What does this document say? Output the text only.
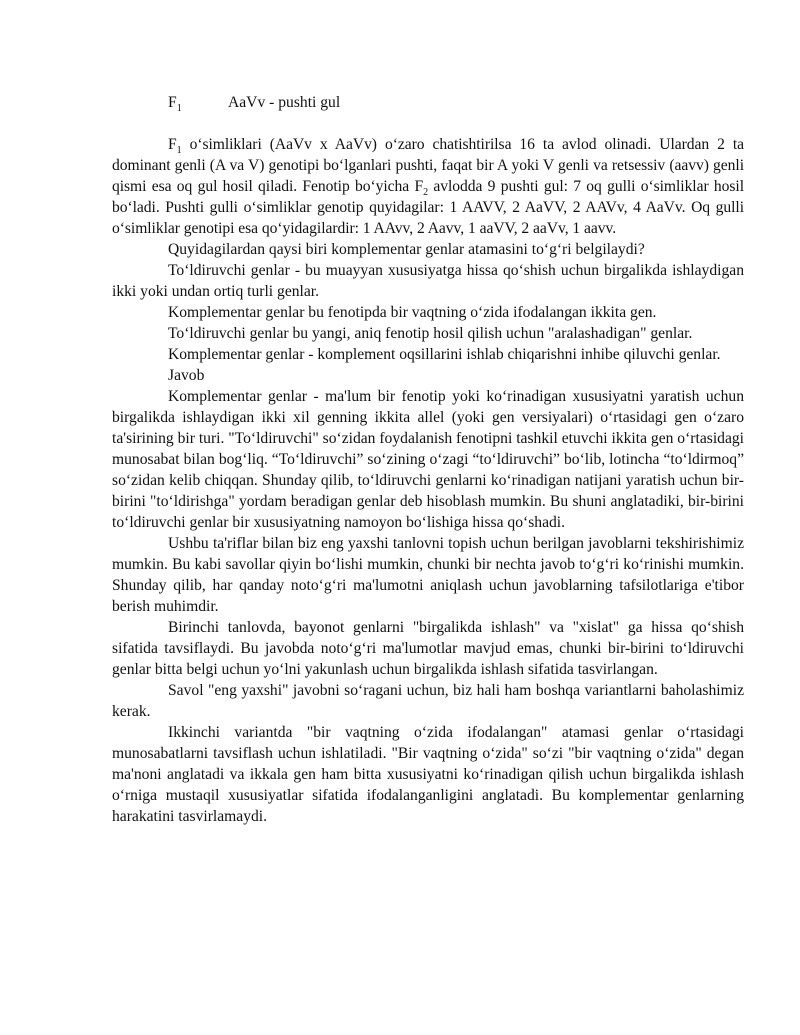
$F_1$	AaVv - pushti gul

$F_1$ o‘simliklari (AaVv x AaVv) o‘zaro chatishtirilsa 16 ta avlod olinadi. Ulardan 2 ta dominant genli (A va V) genotipi bo‘lganlari pushti, faqat bir A yoki V genli va retsessiv (aavv) genli qismi esa oq gul hosil qiladi. Fenotip bo‘yicha $F_2$ avlodda 9 pushti gul: 7 oq gulli o‘simliklar hosil bo‘ladi. Pushti gulli o‘simliklar genotip quyidagilar: 1 AAVV, 2 AaVV, 2 AAVv, 4 AaVv. Oq gulli o‘simliklar genotipi esa qo‘yidagilardir: 1 AAvv, 2 Aavv, 1 aaVV, 2 aaVv, 1 aavv.

Quyidagilardan qaysi biri komplementar genlar atamasini to‘g‘ri belgilaydi?

To‘ldiruvchi genlar - bu muayyan xususiyatga hissa qo‘shish uchun birgalikda ishlaydigan ikki yoki undan ortiq turli genlar.

Komplementar genlar bu fenotipda bir vaqtning o‘zida ifodalangan ikkita gen.

To‘ldiruvchi genlar bu yangi, aniq fenotip hosil qilish uchun "aralashadigan" genlar.

Komplementar genlar - komplement oqsillarini ishlab chiqarishni inhibe qiluvchi genlar.

Javob

Komplementar genlar - ma'lum bir fenotip yoki ko‘rinadigan xususiyatni yaratish uchun birgalikda ishlaydigan ikki xil genning ikkita allel (yoki gen versiyalari) o‘rtasidagi gen o‘zaro ta'sirining bir turi. "To‘ldiruvchi" so‘zidan foydalanish fenotipni tashkil etuvchi ikkita gen o‘rtasidagi munosabat bilan bog‘liq. “To‘ldiruvchi” so‘zining o‘zagi “to‘ldiruvchi” bo‘lib, lotincha “to‘ldirmoq” so‘zidan kelib chiqqan. Shunday qilib, to‘ldiruvchi genlarni ko‘rinadigan natijani yaratish uchun bir-birini "to‘ldirishga" yordam beradigan genlar deb hisoblash mumkin. Bu shuni anglatadiki, bir-birini to‘ldiruvchi genlar bir xususiyatning namoyon bo‘lishiga hissa qo‘shadi.

Ushbu ta'riflar bilan biz eng yaxshi tanlovni topish uchun berilgan javoblarni tekshirishimiz mumkin. Bu kabi savollar qiyin bo‘lishi mumkin, chunki bir nechta javob to‘g‘ri ko‘rinishi mumkin. Shunday qilib, har qanday noto‘g‘ri ma'lumotni aniqlash uchun javoblarning tafsilotlariga e'tibor berish muhimdir.

Birinchi tanlovda, bayonot genlarni "birgalikda ishlash" va "xislat" ga hissa qo‘shish sifatida tavsiflaydi. Bu javobda noto‘g‘ri ma'lumotlar mavjud emas, chunki bir-birini to‘ldiruvchi genlar bitta belgi uchun yo‘lni yakunlash uchun birgalikda ishlash sifatida tasvirlangan.

Savol "eng yaxshi" javobni so‘ragani uchun, biz hali ham boshqa variantlarni baholashimiz kerak.

Ikkinchi variantda "bir vaqtning o‘zida ifodalangan" atamasi genlar o‘rtasidagi munosabatlarni tavsiflash uchun ishlatiladi. "Bir vaqtning o‘zida" so‘zi "bir vaqtning o‘zida" degan ma'noni anglatadi va ikkala gen ham bitta xususiyatni ko‘rinadigan qilish uchun birgalikda ishlash o‘rniga mustaqil xususiyatlar sifatida ifodalanganligini anglatadi. Bu komplementar genlarning harakatini tasvirlamaydi.
